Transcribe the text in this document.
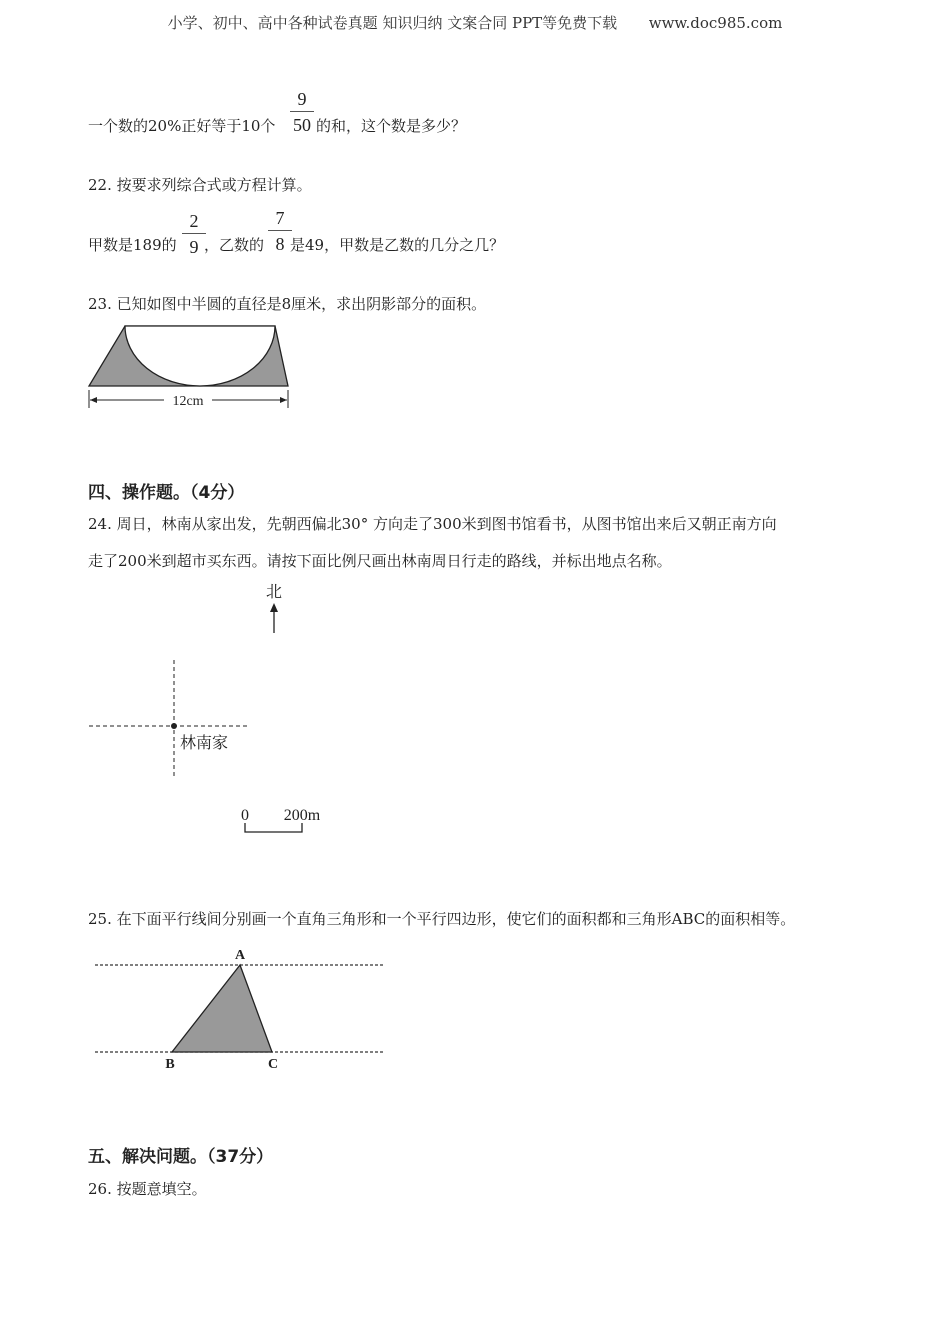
小学、初中、高中各种试卷真题 知识归纳 文案合同 PPT等免费下载 www.doc985.com
一个数的20%正好等于10个
9
50 的和，这个数是多少？
22. 按要求列综合式或方程计算。
甲数是189的
2
9 ，乙数的
7
8 是49，甲数是乙数的几分之几？
23. 已知如图中半圆的直径是8厘米，求出阴影部分的面积。
12cm
四、操作题。（4分）
24. 周日，林南从家出发，先朝西偏北30° 方向走了300米到图书馆看书，从图书馆出来后又朝正南方向
走了200米到超市买东西。请按下面比例尺画出林南周日行走的路线，并标出地点名称。
北
林南家
0 200m
25. 在下面平行线间分别画一个直角三角形和一个平行四边形，使它们的面积都和三角形ABC的面积相等。
A
B	C
五、解决问题。（37分）
26. 按题意填空。
